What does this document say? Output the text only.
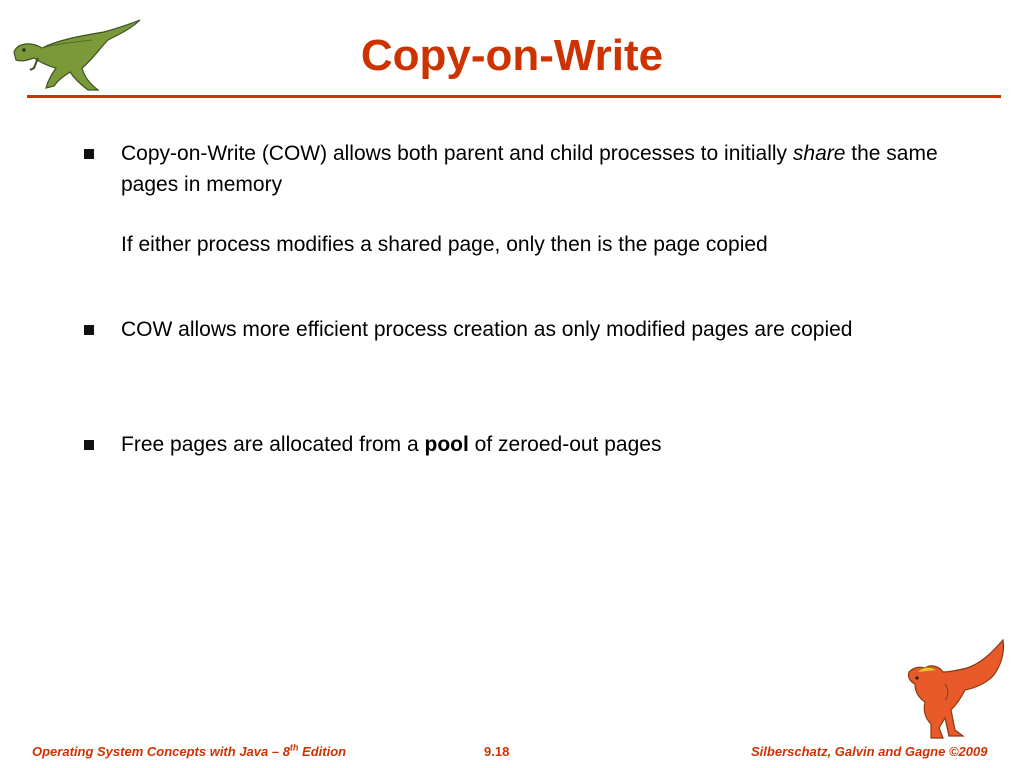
Copy-on-Write
Copy-on-Write (COW) allows both parent and child processes to initially share the same pages in memory
If either process modifies a shared page, only then is the page copied
COW allows more efficient process creation as only modified pages are copied
Free pages are allocated from a pool of zeroed-out pages
Operating System Concepts with Java – 8th Edition	9.18	Silberschatz, Galvin and Gagne ©2009
